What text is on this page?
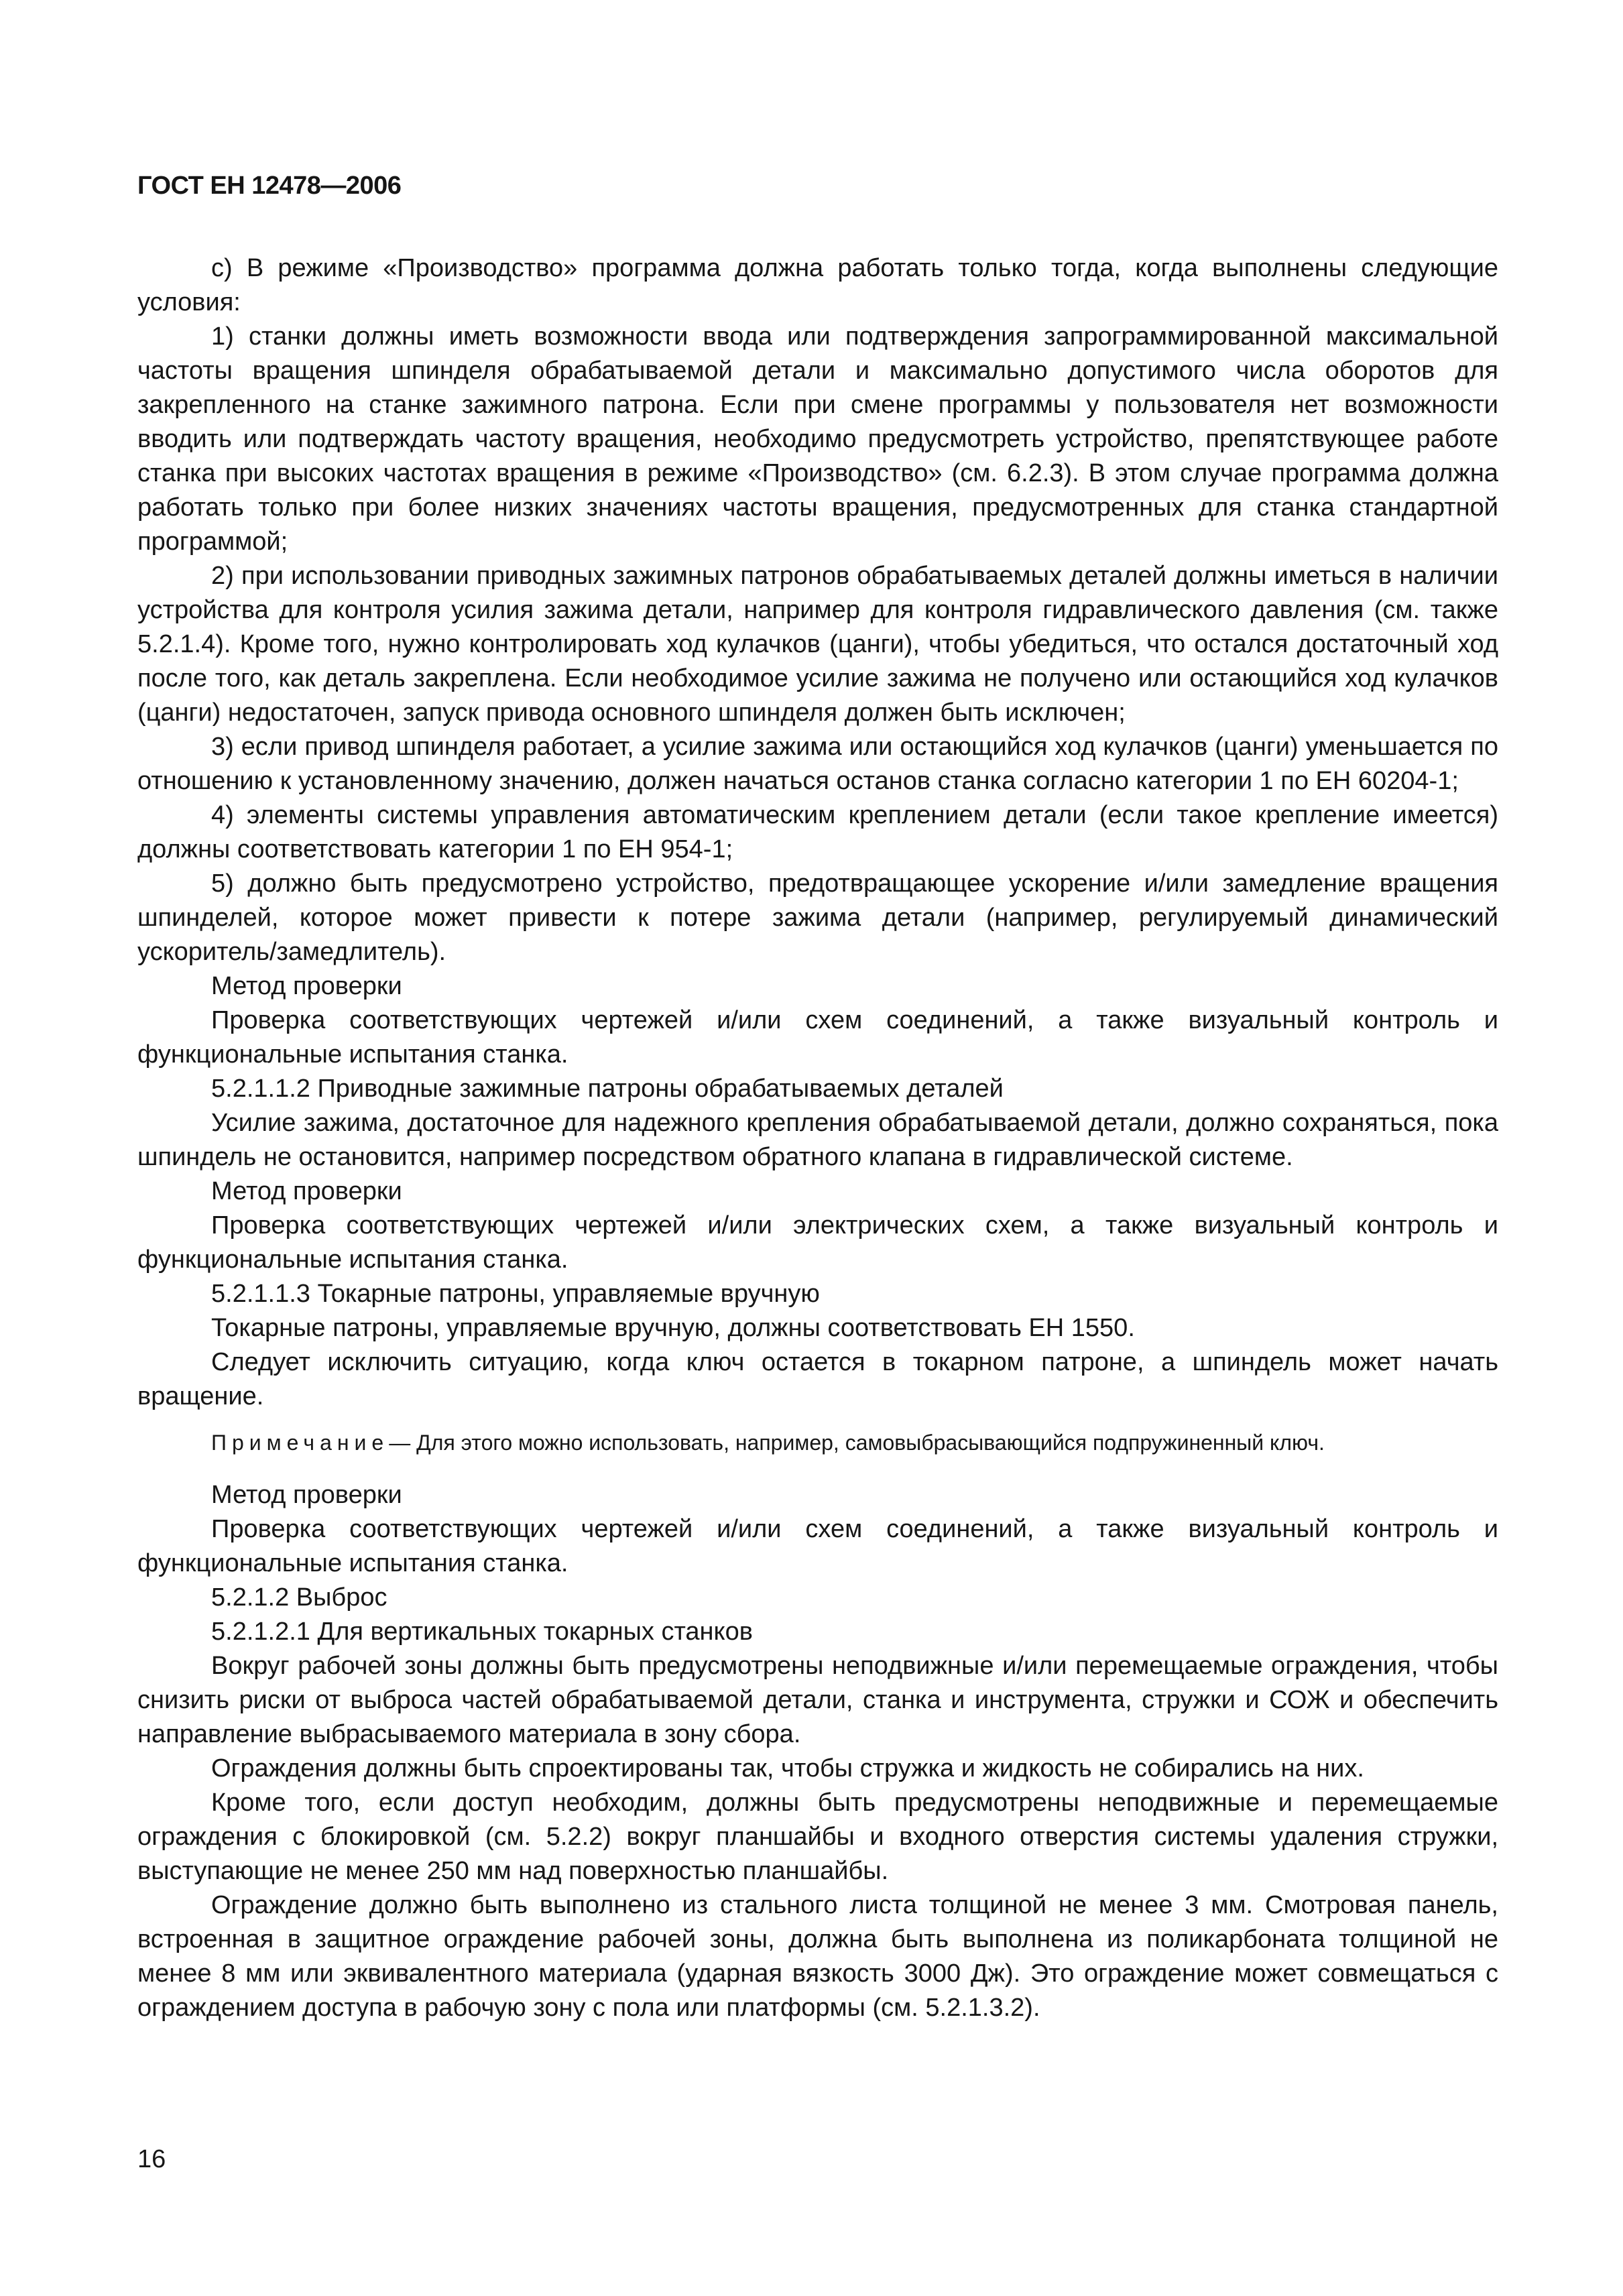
ГОСТ ЕН 12478—2006

с) В режиме «Производство» программа должна работать только тогда, когда выполнены следующие условия:

1) станки должны иметь возможности ввода или подтверждения запрограммированной максимальной частоты вращения шпинделя обрабатываемой детали и максимально допустимого числа оборотов для закрепленного на станке зажимного патрона. Если при смене программы у пользователя нет возможности вводить или подтверждать частоту вращения, необходимо предусмотреть устройство, препятствующее работе станка при высоких частотах вращения в режиме «Производство» (см. 6.2.3). В этом случае программа должна работать только при более низких значениях частоты вращения, предусмотренных для станка стандартной программой;

2) при использовании приводных зажимных патронов обрабатываемых деталей должны иметься в наличии устройства для контроля усилия зажима детали, например для контроля гидравлического давления (см. также 5.2.1.4). Кроме того, нужно контролировать ход кулачков (цанги), чтобы убедиться, что остался достаточный ход после того, как деталь закреплена. Если необходимое усилие зажима не получено или остающийся ход кулачков (цанги) недостаточен, запуск привода основного шпинделя должен быть исключен;

3) если привод шпинделя работает, а усилие зажима или остающийся ход кулачков (цанги) уменьшается по отношению к установленному значению, должен начаться останов станка согласно категории 1 по ЕН 60204-1;

4) элементы системы управления автоматическим креплением детали (если такое крепление имеется) должны соответствовать категории 1 по ЕН 954-1;

5) должно быть предусмотрено устройство, предотвращающее ускорение и/или замедление вращения шпинделей, которое может привести к потере зажима детали (например, регулируемый динамический ускоритель/замедлитель).

Метод проверки

Проверка соответствующих чертежей и/или схем соединений, а также визуальный контроль и функциональные испытания станка.

5.2.1.1.2 Приводные зажимные патроны обрабатываемых деталей

Усилие зажима, достаточное для надежного крепления обрабатываемой детали, должно сохраняться, пока шпиндель не остановится, например посредством обратного клапана в гидравлической системе.

Метод проверки

Проверка соответствующих чертежей и/или электрических схем, а также визуальный контроль и функциональные испытания станка.

5.2.1.1.3 Токарные патроны, управляемые вручную

Токарные патроны, управляемые вручную, должны соответствовать ЕН 1550.

Следует исключить ситуацию, когда ключ остается в токарном патроне, а шпиндель может начать вращение.

Примечание— Для этого можно использовать, например, самовыбрасывающийся подпружиненный ключ.

Метод проверки

Проверка соответствующих чертежей и/или схем соединений, а также визуальный контроль и функциональные испытания станка.

5.2.1.2 Выброс

5.2.1.2.1 Для вертикальных токарных станков

Вокруг рабочей зоны должны быть предусмотрены неподвижные и/или перемещаемые ограждения, чтобы снизить риски от выброса частей обрабатываемой детали, станка и инструмента, стружки и СОЖ и обеспечить направление выбрасываемого материала в зону сбора.

Ограждения должны быть спроектированы так, чтобы стружка и жидкость не собирались на них.

Кроме того, если доступ необходим, должны быть предусмотрены неподвижные и перемещаемые ограждения с блокировкой (см. 5.2.2) вокруг планшайбы и входного отверстия системы удаления стружки, выступающие не менее 250 мм над поверхностью планшайбы.

Ограждение должно быть выполнено из стального листа толщиной не менее 3 мм. Смотровая панель, встроенная в защитное ограждение рабочей зоны, должна быть выполнена из поликарбоната толщиной не менее 8 мм или эквивалентного материала (ударная вязкость 3000 Дж). Это ограждение может совмещаться с ограждением доступа в рабочую зону с пола или платформы (см. 5.2.1.3.2).

16
